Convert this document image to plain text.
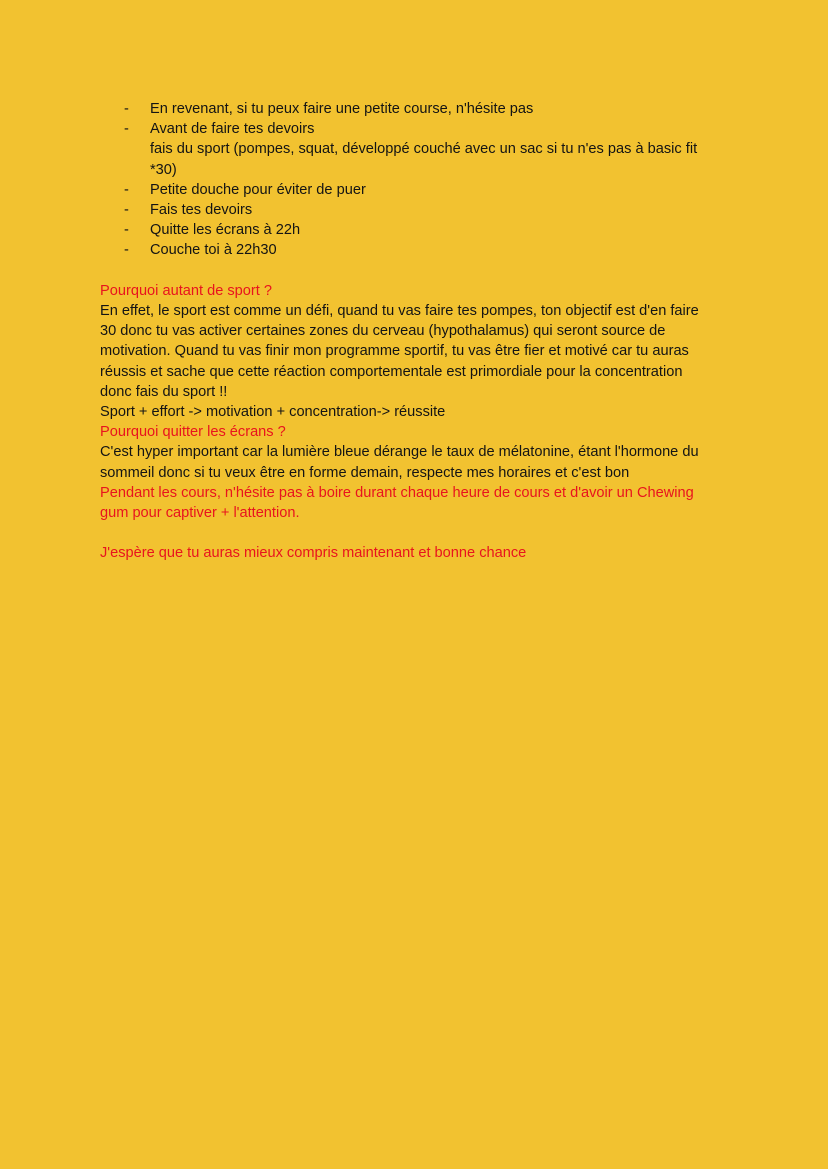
- En revenant, si tu peux faire une petite course, n'hésite pas
- Avant de faire tes devoirs
fais du sport (pompes, squat, développé couché avec un sac si tu n'es pas à basic fit
*30)
- Petite douche pour éviter de puer
- Fais tes devoirs
- Quitte les écrans à 22h
- Couche toi à 22h30
Pourquoi autant de sport ?
En effet, le sport est comme un défi, quand tu vas faire tes pompes, ton objectif est d'en faire
30 donc tu vas activer certaines zones du cerveau (hypothalamus) qui seront source de
motivation. Quand tu vas finir mon programme sportif, tu vas être fier et motivé car tu auras
réussis et sache que cette réaction comportementale est primordiale pour la concentration
donc fais du sport !!
Sport + effort -> motivation + concentration-> réussite
Pourquoi quitter les écrans ?
C'est hyper important car la lumière bleue dérange le taux de mélatonine, étant l'hormone du
sommeil donc si tu veux être en forme demain, respecte mes horaires et c'est bon
Pendant les cours, n'hésite pas à boire durant chaque heure de cours et d'avoir un Chewing
gum pour captiver + l'attention.
J'espère que tu auras mieux compris maintenant et bonne chance
